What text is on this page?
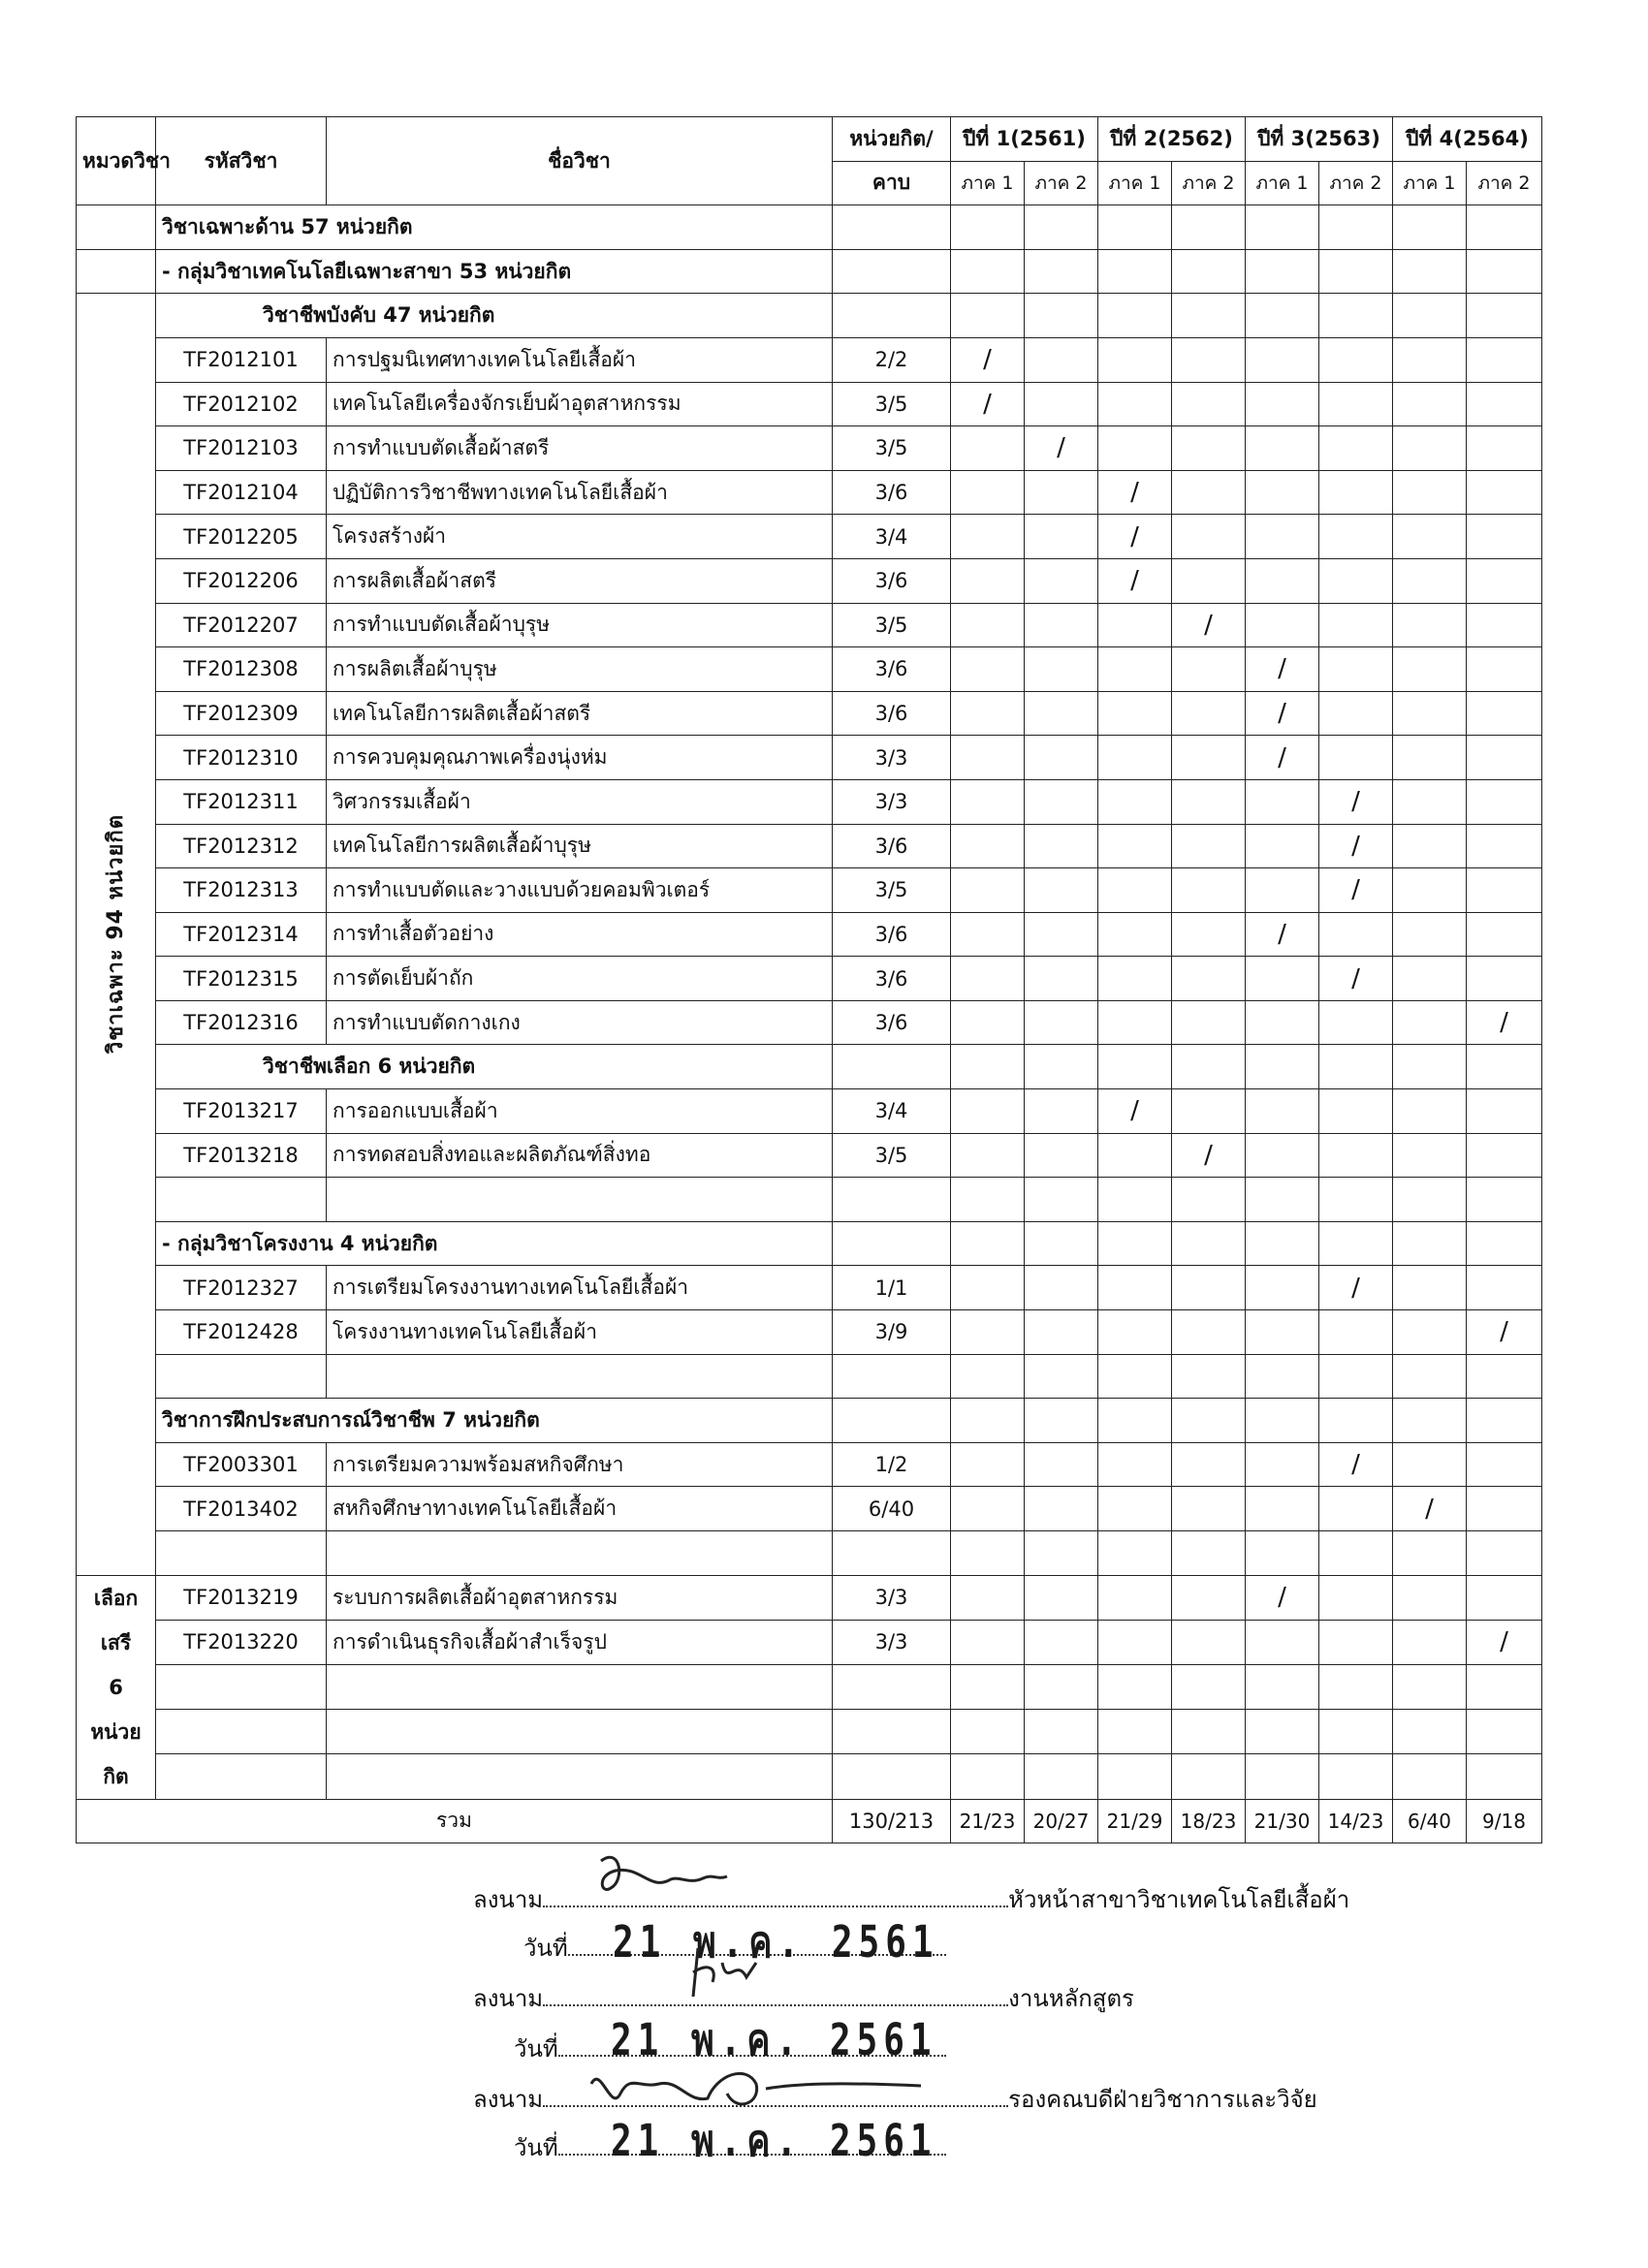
หมวดวิชา	รหัสวิชา	ชื่อวิชา	หน่วยกิต/	ปีที่ 1(2561)		ปีที่ 2(2562)		ปีที่ 3(2563)		ปีที่ 4(2564)	
			คาบ	ภาค 1	ภาค 2	ภาค 1	ภาค 2	ภาค 1	ภาค 2	ภาค 1	ภาค 2
	วิชาเฉพาะด้าน 57 หน่วยกิต										
	- กลุ่มวิชาเทคโนโลยีเฉพาะสาขา 53 หน่วยกิต										

วิชาเฉพาะ 94 หน่วยกิต	วิชาชีพบังคับ 47 หน่วยกิต										
	TF2012101	การปฐมนิเทศทางเทคโนโลยีเสื้อผ้า	2/2	/							
	TF2012102	เทคโนโลยีเครื่องจักรเย็บผ้าอุตสาหกรรม	3/5	/							
	TF2012103	การทำแบบตัดเสื้อผ้าสตรี	3/5		/						
	TF2012104	ปฏิบัติการวิชาชีพทางเทคโนโลยีเสื้อผ้า	3/6			/					
	TF2012205	โครงสร้างผ้า	3/4			/					
	TF2012206	การผลิตเสื้อผ้าสตรี	3/6			/					
	TF2012207	การทำแบบตัดเสื้อผ้าบุรุษ	3/5				/				
	TF2012308	การผลิตเสื้อผ้าบุรุษ	3/6					/			
	TF2012309	เทคโนโลยีการผลิตเสื้อผ้าสตรี	3/6					/			
	TF2012310	การควบคุมคุณภาพเครื่องนุ่งห่ม	3/3					/			
	TF2012311	วิศวกรรมเสื้อผ้า	3/3						/		
	TF2012312	เทคโนโลยีการผลิตเสื้อผ้าบุรุษ	3/6						/		
	TF2012313	การทำแบบตัดและวางแบบด้วยคอมพิวเตอร์	3/5						/		
	TF2012314	การทำเสื้อตัวอย่าง	3/6					/			
	TF2012315	การตัดเย็บผ้าถัก	3/6						/		
	TF2012316	การทำแบบตัดกางเกง	3/6								/
	วิชาชีพเลือก 6 หน่วยกิต										
	TF2013217	การออกแบบเสื้อผ้า	3/4			/					
	TF2013218	การทดสอบสิ่งทอและผลิตภัณฑ์สิ่งทอ	3/5				/				

	- กลุ่มวิชาโครงงาน 4 หน่วยกิต										
	TF2012327	การเตรียมโครงงานทางเทคโนโลยีเสื้อผ้า	1/1						/		
	TF2012428	โครงงานทางเทคโนโลยีเสื้อผ้า	3/9								/

	วิชาการฝึกประสบการณ์วิชาชีพ 7 หน่วยกิต										
	TF2003301	การเตรียมความพร้อมสหกิจศึกษา	1/2						/		
	TF2013402	สหกิจศึกษาทางเทคโนโลยีเสื้อผ้า	6/40							/	

เลือก
เสรี
6
หน่วย
กิต	TF2013219	ระบบการผลิตเสื้อผ้าอุตสาหกรรม	3/3					/			
	TF2013220	การดำเนินธุรกิจเสื้อผ้าสำเร็จรูป	3/3								/

รวม			130/213	21/23	20/27	21/29	18/23	21/30	14/23	6/40	9/18
ลงนาม	หัวหน้าสาขาวิชาเทคโนโลยีเสื้อผ้า
วันที่	21 พ.ค. 2561
ลงนาม	งานหลักสูตร
วันที่	21 พ.ค. 2561
ลงนาม	รองคณบดีฝ่ายวิชาการและวิจัย
วันที่	21 พ.ค. 2561
